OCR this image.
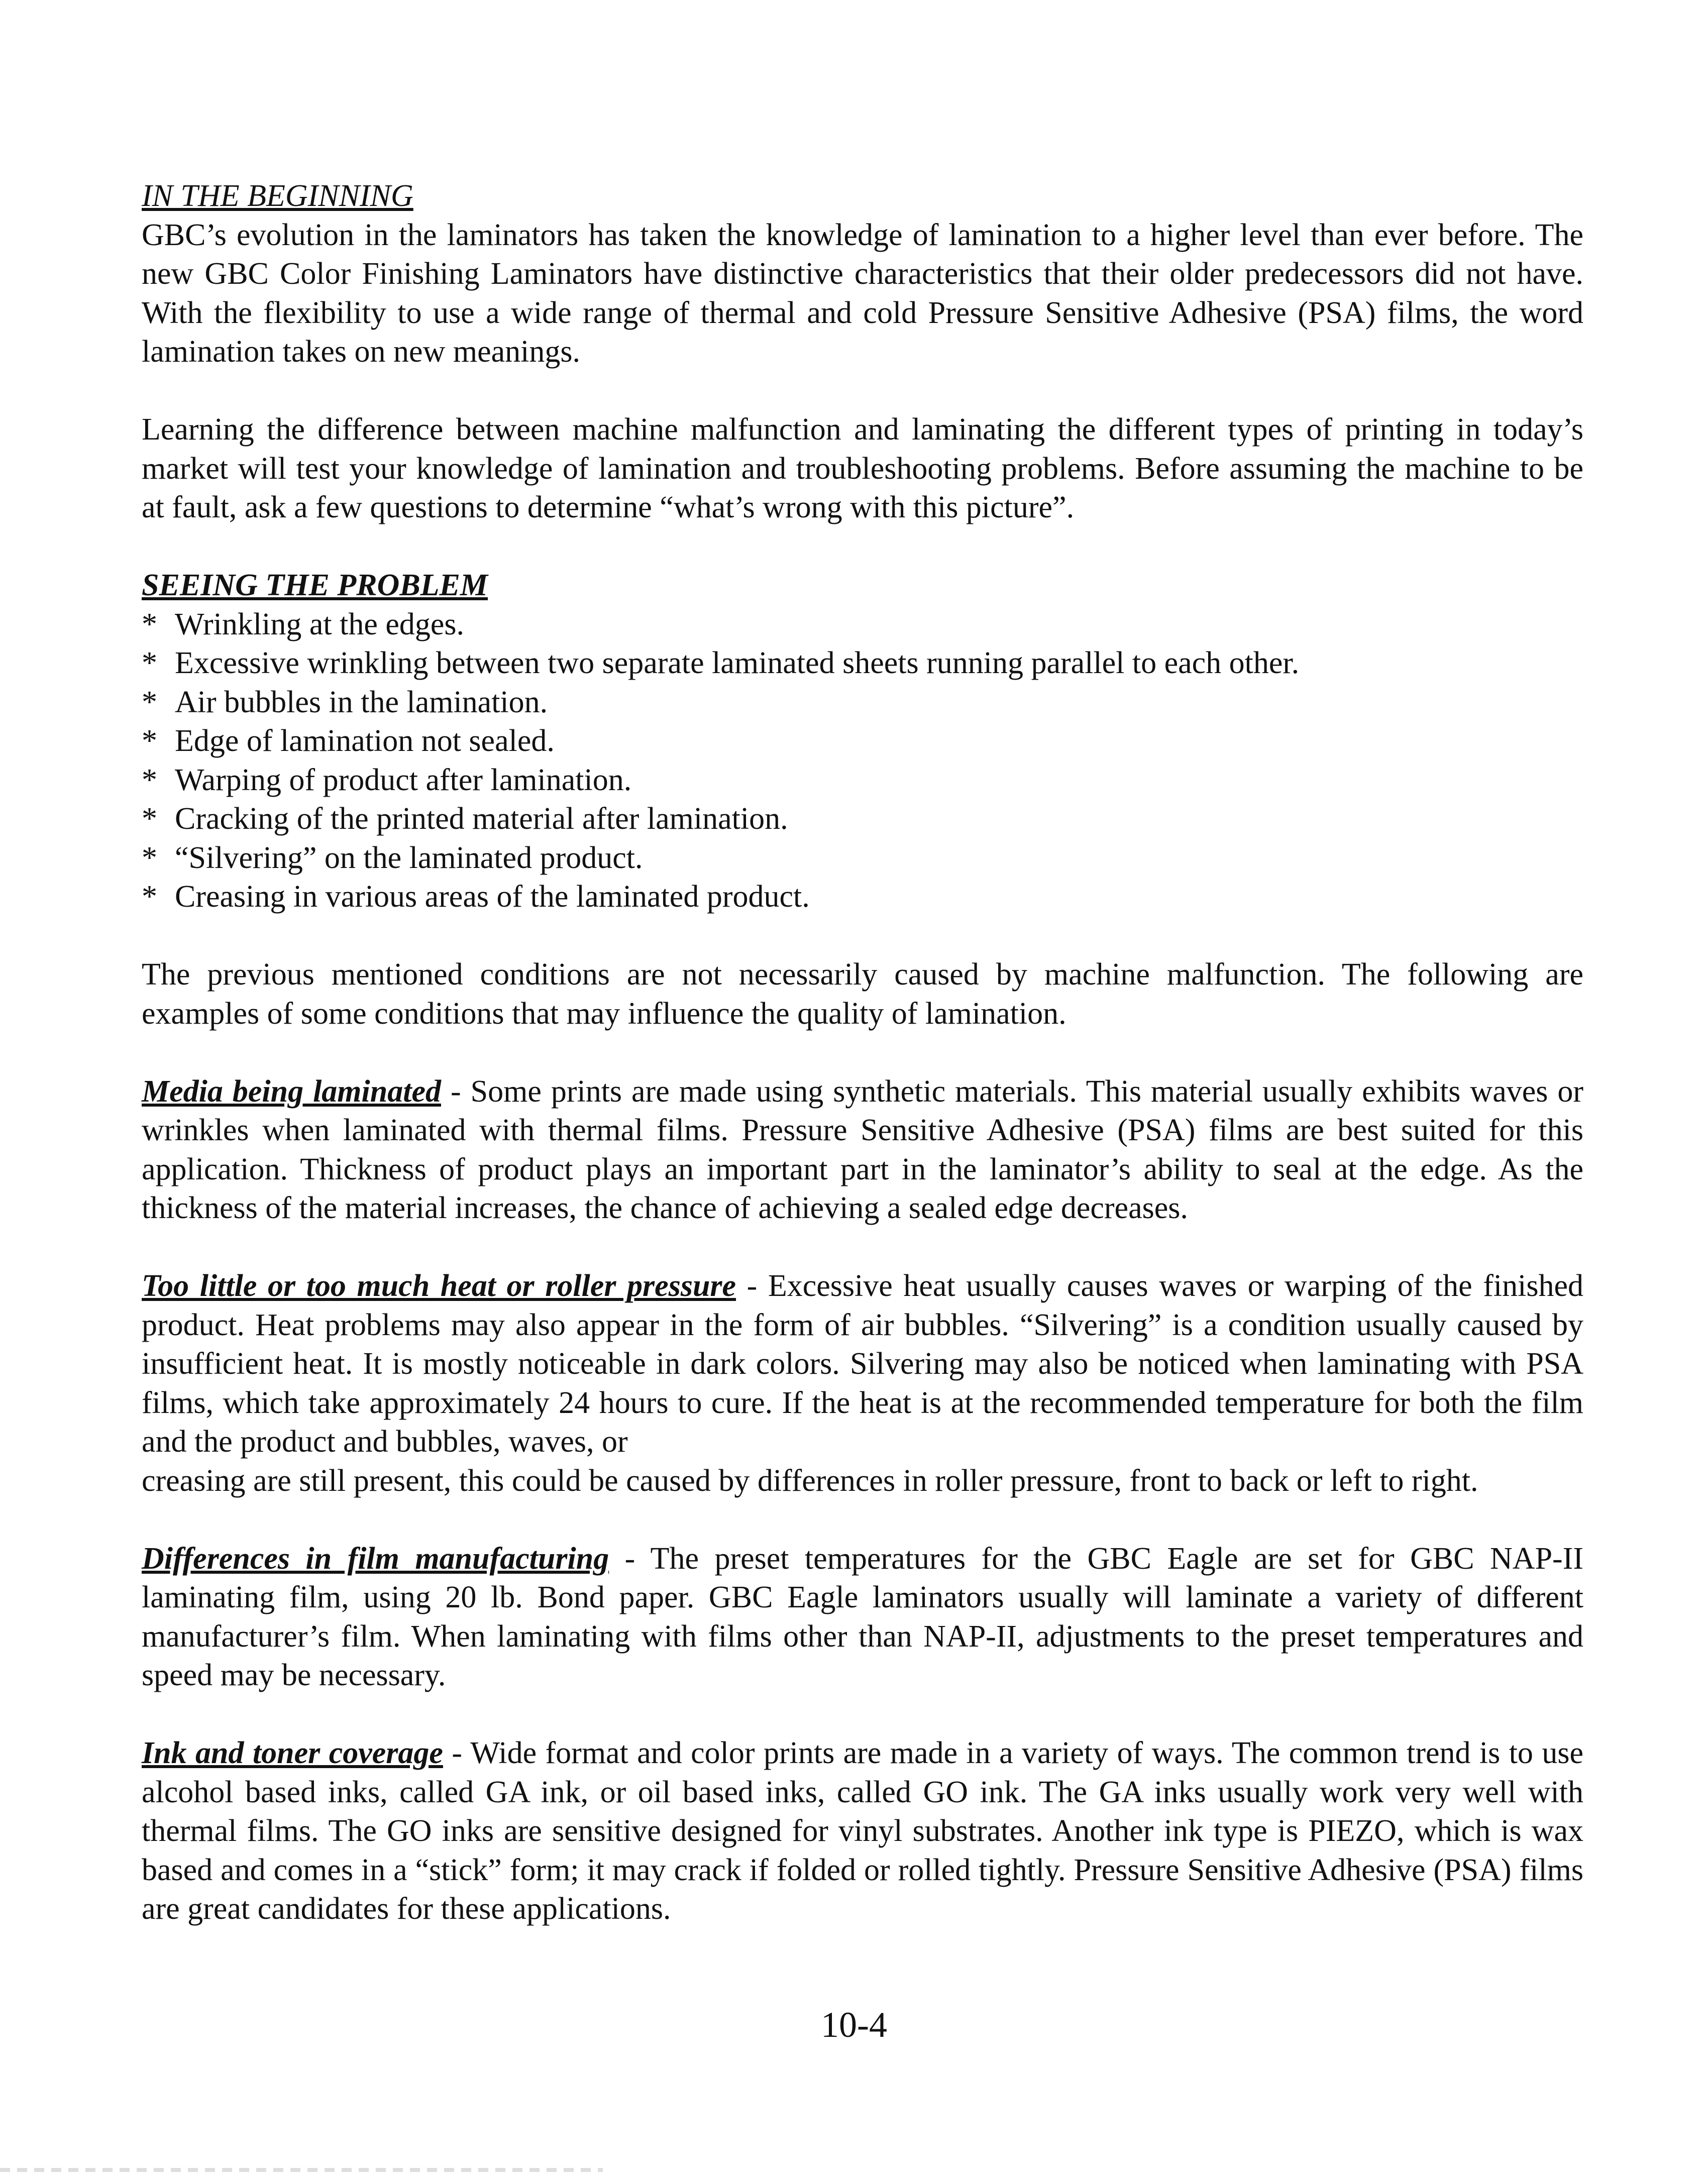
IN THE BEGINNING

GBC’s evolution in the laminators has taken the knowledge of lamination to a higher level than ever before. The new GBC Color Finishing Laminators have distinctive characteristics that their older predecessors did not have. With the flexibility to use a wide range of thermal and cold Pressure Sensitive Adhesive (PSA) films, the word lamination takes on new meanings.

Learning the difference between machine malfunction and laminating the different types of printing in today’s market will test your knowledge of lamination and troubleshooting problems. Before assuming the machine to be at fault, ask a few questions to determine “what’s wrong with this picture”.

SEEING THE PROBLEM
* Wrinkling at the edges.
* Excessive wrinkling between two separate laminated sheets running parallel to each other.
* Air bubbles in the lamination.
* Edge of lamination not sealed.
* Warping of product after lamination.
* Cracking of the printed material after lamination.
* “Silvering” on the laminated product.
* Creasing in various areas of the laminated product.

The previous mentioned conditions are not necessarily caused by machine malfunction. The following are examples of some conditions that may influence the quality of lamination.

Media being laminated - Some prints are made using synthetic materials. This material usually exhibits waves or wrinkles when laminated with thermal films. Pressure Sensitive Adhesive (PSA) films are best suited for this application. Thickness of product plays an important part in the laminator’s ability to seal at the edge. As the thickness of the material increases, the chance of achieving a sealed edge decreases.

Too little or too much heat or roller pressure - Excessive heat usually causes waves or warping of the finished product. Heat problems may also appear in the form of air bubbles. “Silvering” is a condition usually caused by insufficient heat. It is mostly noticeable in dark colors. Silvering may also be noticed when laminating with PSA films, which take approximately 24 hours to cure. If the heat is at the recommended temperature for both the film and the product and bubbles, waves, or

creasing are still present, this could be caused by differences in roller pressure, front to back or left to right.

Differences in film manufacturing - The preset temperatures for the GBC Eagle are set for GBC NAP-II laminating film, using 20 lb. Bond paper. GBC Eagle laminators usually will laminate a variety of different manufacturer’s film. When laminating with films other than NAP-II, adjustments to the preset temperatures and speed may be necessary.

Ink and toner coverage - Wide format and color prints are made in a variety of ways. The common trend is to use alcohol based inks, called GA ink, or oil based inks, called GO ink. The GA inks usually work very well with thermal films. The GO inks are sensitive designed for vinyl substrates. Another ink type is PIEZO, which is wax based and comes in a “stick” form; it may crack if folded or rolled tightly. Pressure Sensitive Adhesive (PSA) films are great candidates for these applications.

10-4
